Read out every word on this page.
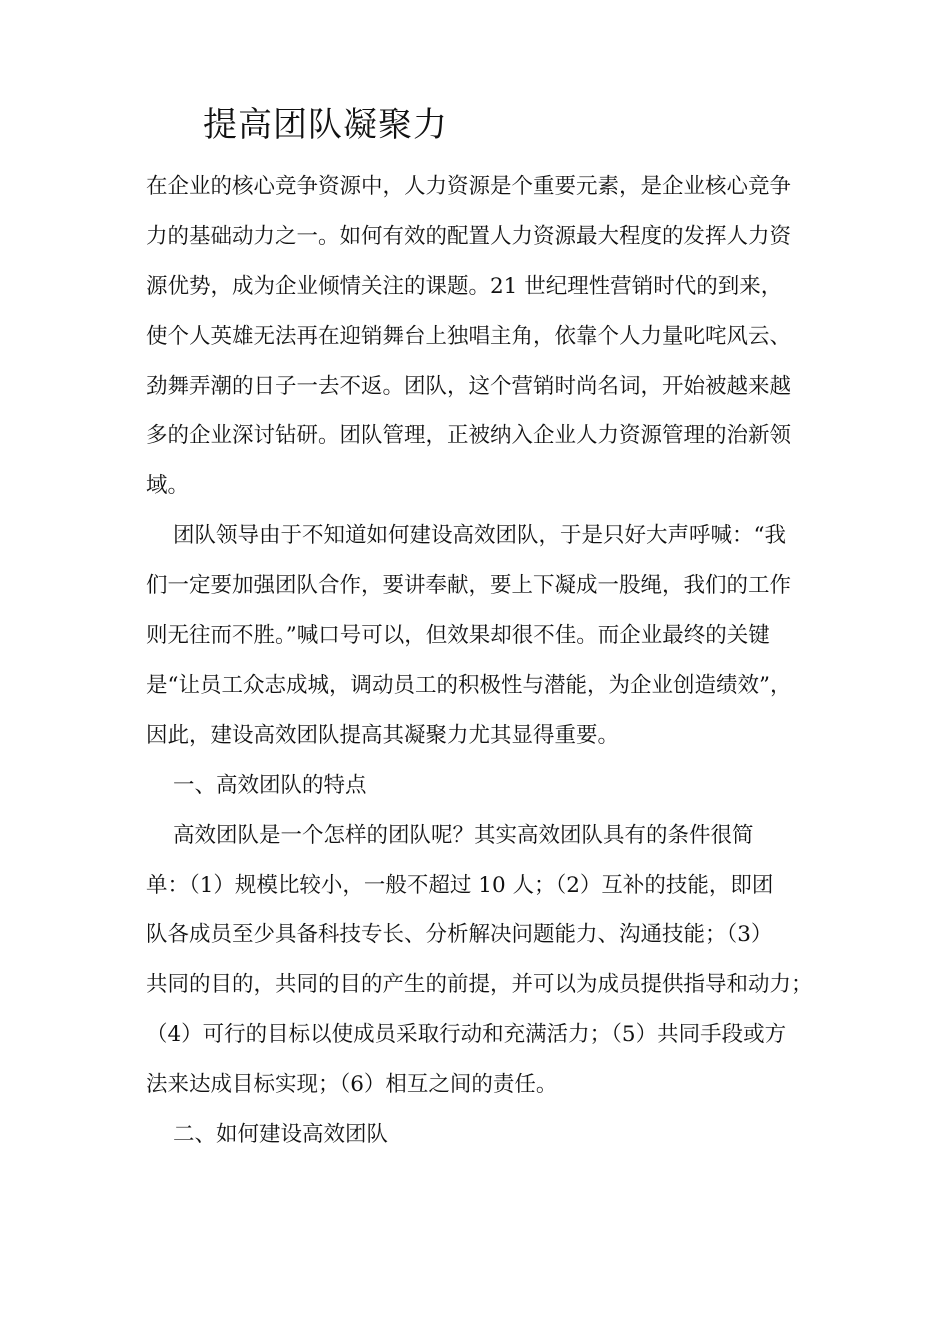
提高团队凝聚力
在企业的核心竞争资源中，人力资源是个重要元素，是企业核心竞争
力的基础动力之一。如何有效的配置人力资源最大程度的发挥人力资
源优势，成为企业倾情关注的课题。21 世纪理性营销时代的到来，
使个人英雄无法再在迎销舞台上独唱主角，依靠个人力量叱咤风云、
劲舞弄潮的日子一去不返。团队，这个营销时尚名词，开始被越来越
多的企业深讨钻研。团队管理，正被纳入企业人力资源管理的治新领
域。
团队领导由于不知道如何建设高效团队，于是只好大声呼喊：“我
们一定要加强团队合作，要讲奉献，要上下凝成一股绳，我们的工作
则无往而不胜。”喊口号可以，但效果却很不佳。而企业最终的关键
是“让员工众志成城，调动员工的积极性与潜能，为企业创造绩效”，
因此，建设高效团队提高其凝聚力尤其显得重要。
一、高效团队的特点
高效团队是一个怎样的团队呢？其实高效团队具有的条件很简
单：（1）规模比较小，一般不超过 10 人；（2）互补的技能，即团
队各成员至少具备科技专长、分析解决问题能力、沟通技能；（3）
共同的目的，共同的目的产生的前提，并可以为成员提供指导和动力；
（4）可行的目标以使成员采取行动和充满活力；（5）共同手段或方
法来达成目标实现；（6）相互之间的责任。
二、如何建设高效团队
